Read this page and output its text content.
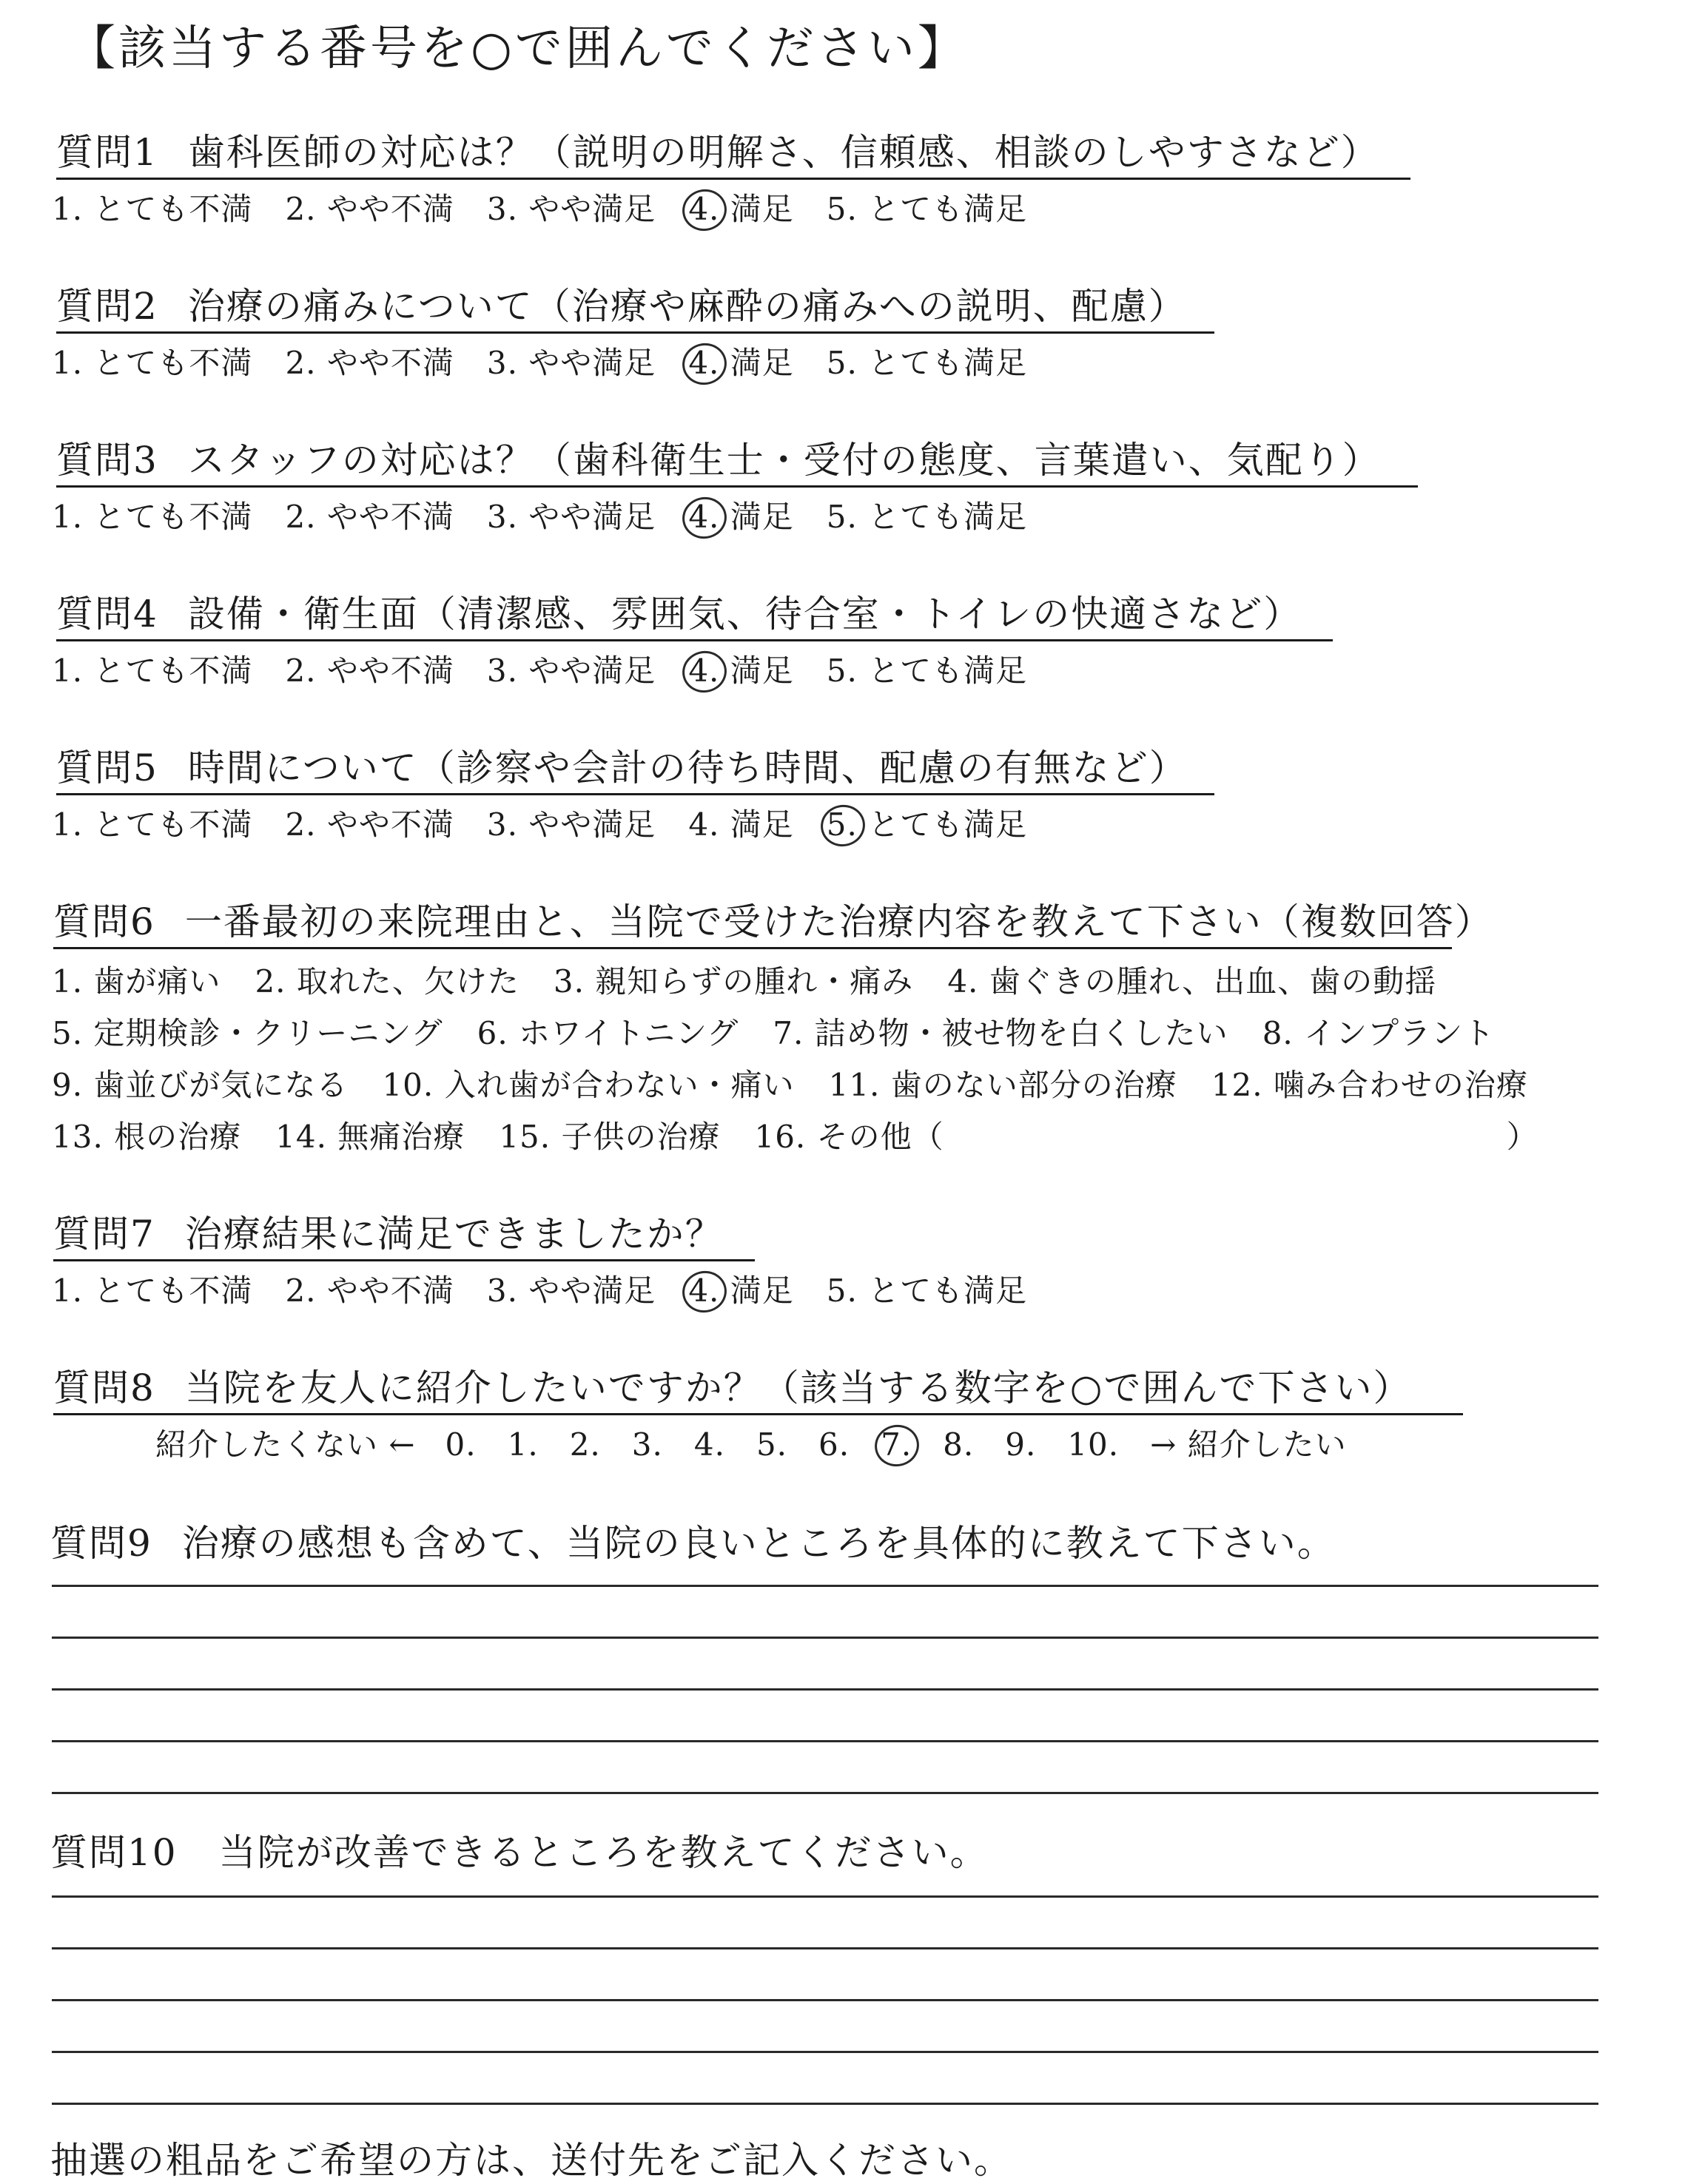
【該当する番号を○で囲んでください】
質問1 歯科医師の対応は？（説明の明解さ、信頼感、相談のしやすさなど）
1. とても不満 2. やや不満 3. やや満足 4. 満足 5. とても満足
質問2 治療の痛みについて（治療や麻酔の痛みへの説明、配慮）
1. とても不満 2. やや不満 3. やや満足 4. 満足 5. とても満足
質問3 スタッフの対応は？（歯科衛生士・受付の態度、言葉遣い、気配り）
1. とても不満 2. やや不満 3. やや満足 4. 満足 5. とても満足
質問4 設備・衛生面（清潔感、雰囲気、待合室・トイレの快適さなど）
1. とても不満 2. やや不満 3. やや満足 4. 満足 5. とても満足
質問5 時間について（診察や会計の待ち時間、配慮の有無など）
1. とても不満 2. やや不満 3. やや満足 4. 満足 5. とても満足
質問6 一番最初の来院理由と、当院で受けた治療内容を教えて下さい（複数回答）
1. 歯が痛い 2. 取れた、欠けた 3. 親知らずの腫れ・痛み 4. 歯ぐきの腫れ、出血、歯の動揺
5. 定期検診・クリーニング 6. ホワイトニング 7. 詰め物・被せ物を白くしたい 8. インプラント
9. 歯並びが気になる 10. 入れ歯が合わない・痛い 11. 歯のない部分の治療 12. 噛み合わせの治療
13. 根の治療 14. 無痛治療 15. 子供の治療 16. その他（	）
質問7 治療結果に満足できましたか？
1. とても不満 2. やや不満 3. やや満足 4. 満足 5. とても満足
質問8 当院を友人に紹介したいですか？（該当する数字を○で囲んで下さい）
紹介したくない ← 0. 1. 2. 3. 4. 5. 6. 7. 8. 9. 10. → 紹介したい
質問9 治療の感想も含めて、当院の良いところを具体的に教えて下さい。
質問10 当院が改善できるところを教えてください。
抽選の粗品をご希望の方は、送付先をご記入ください。
